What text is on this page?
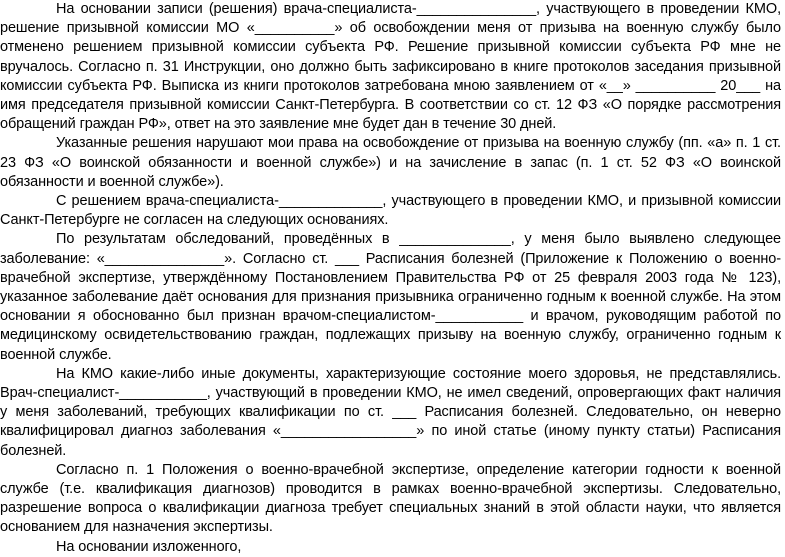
На основании записи (решения) врача-специалиста-_______________, участвующего в проведении КМО, решение призывной комиссии МО «__________» об освобождении меня от призыва на военную службу было отменено решением призывной комиссии субъекта РФ. Решение призывной комиссии субъекта РФ мне не вручалось. Согласно п. 31 Инструкции, оно должно быть зафиксировано в книге протоколов заседания призывной комиссии субъекта РФ. Выписка из книги протоколов затребована мною заявлением от «__» __________ 20___ на имя председателя призывной комиссии Санкт-Петербурга. В соответствии со ст. 12 ФЗ «О порядке рассмотрения обращений граждан РФ», ответ на это заявление мне будет дан в течение 30 дней.

Указанные решения нарушают мои права на освобождение от призыва на военную службу (пп. «а» п. 1 ст. 23 ФЗ «О воинской обязанности и военной службе») и на зачисление в запас (п. 1 ст. 52 ФЗ «О воинской обязанности и военной службе»).

С решением врача-специалиста-_____________, участвующего в проведении КМО, и призывной комиссии Санкт-Петербурге не согласен на следующих основаниях.

По результатам обследований, проведённых в ______________, у меня было выявлено следующее заболевание: «_______________». Согласно ст. ___ Расписания болезней (Приложение к Положению о военно-врачебной экспертизе, утверждённому Постановлением Правительства РФ от 25 февраля 2003 года № 123), указанное заболевание даёт основания для признания призывника ограниченно годным к военной службе. На этом основании я обоснованно был признан врачом-специалистом-___________ и врачом, руководящим работой по медицинскому освидетельствованию граждан, подлежащих призыву на военную службу, ограниченно годным к военной службе.

На КМО какие-либо иные документы, характеризующие состояние моего здоровья, не представлялись. Врач-специалист-___________, участвующий в проведении КМО, не имел сведений, опровергающих факт наличия у меня заболеваний, требующих квалификации по ст. ___ Расписания болезней. Следовательно, он неверно квалифицировал диагноз заболевания «_________________» по иной статье (иному пункту статьи) Расписания болезней.

Согласно п. 1 Положения о военно-врачебной экспертизе, определение категории годности к военной службе (т.е. квалификация диагнозов) проводится в рамках военно-врачебной экспертизы. Следовательно, разрешение вопроса о квалификации диагноза требует специальных знаний в этой области науки, что является основанием для назначения экспертизы.

На основании изложенного,
